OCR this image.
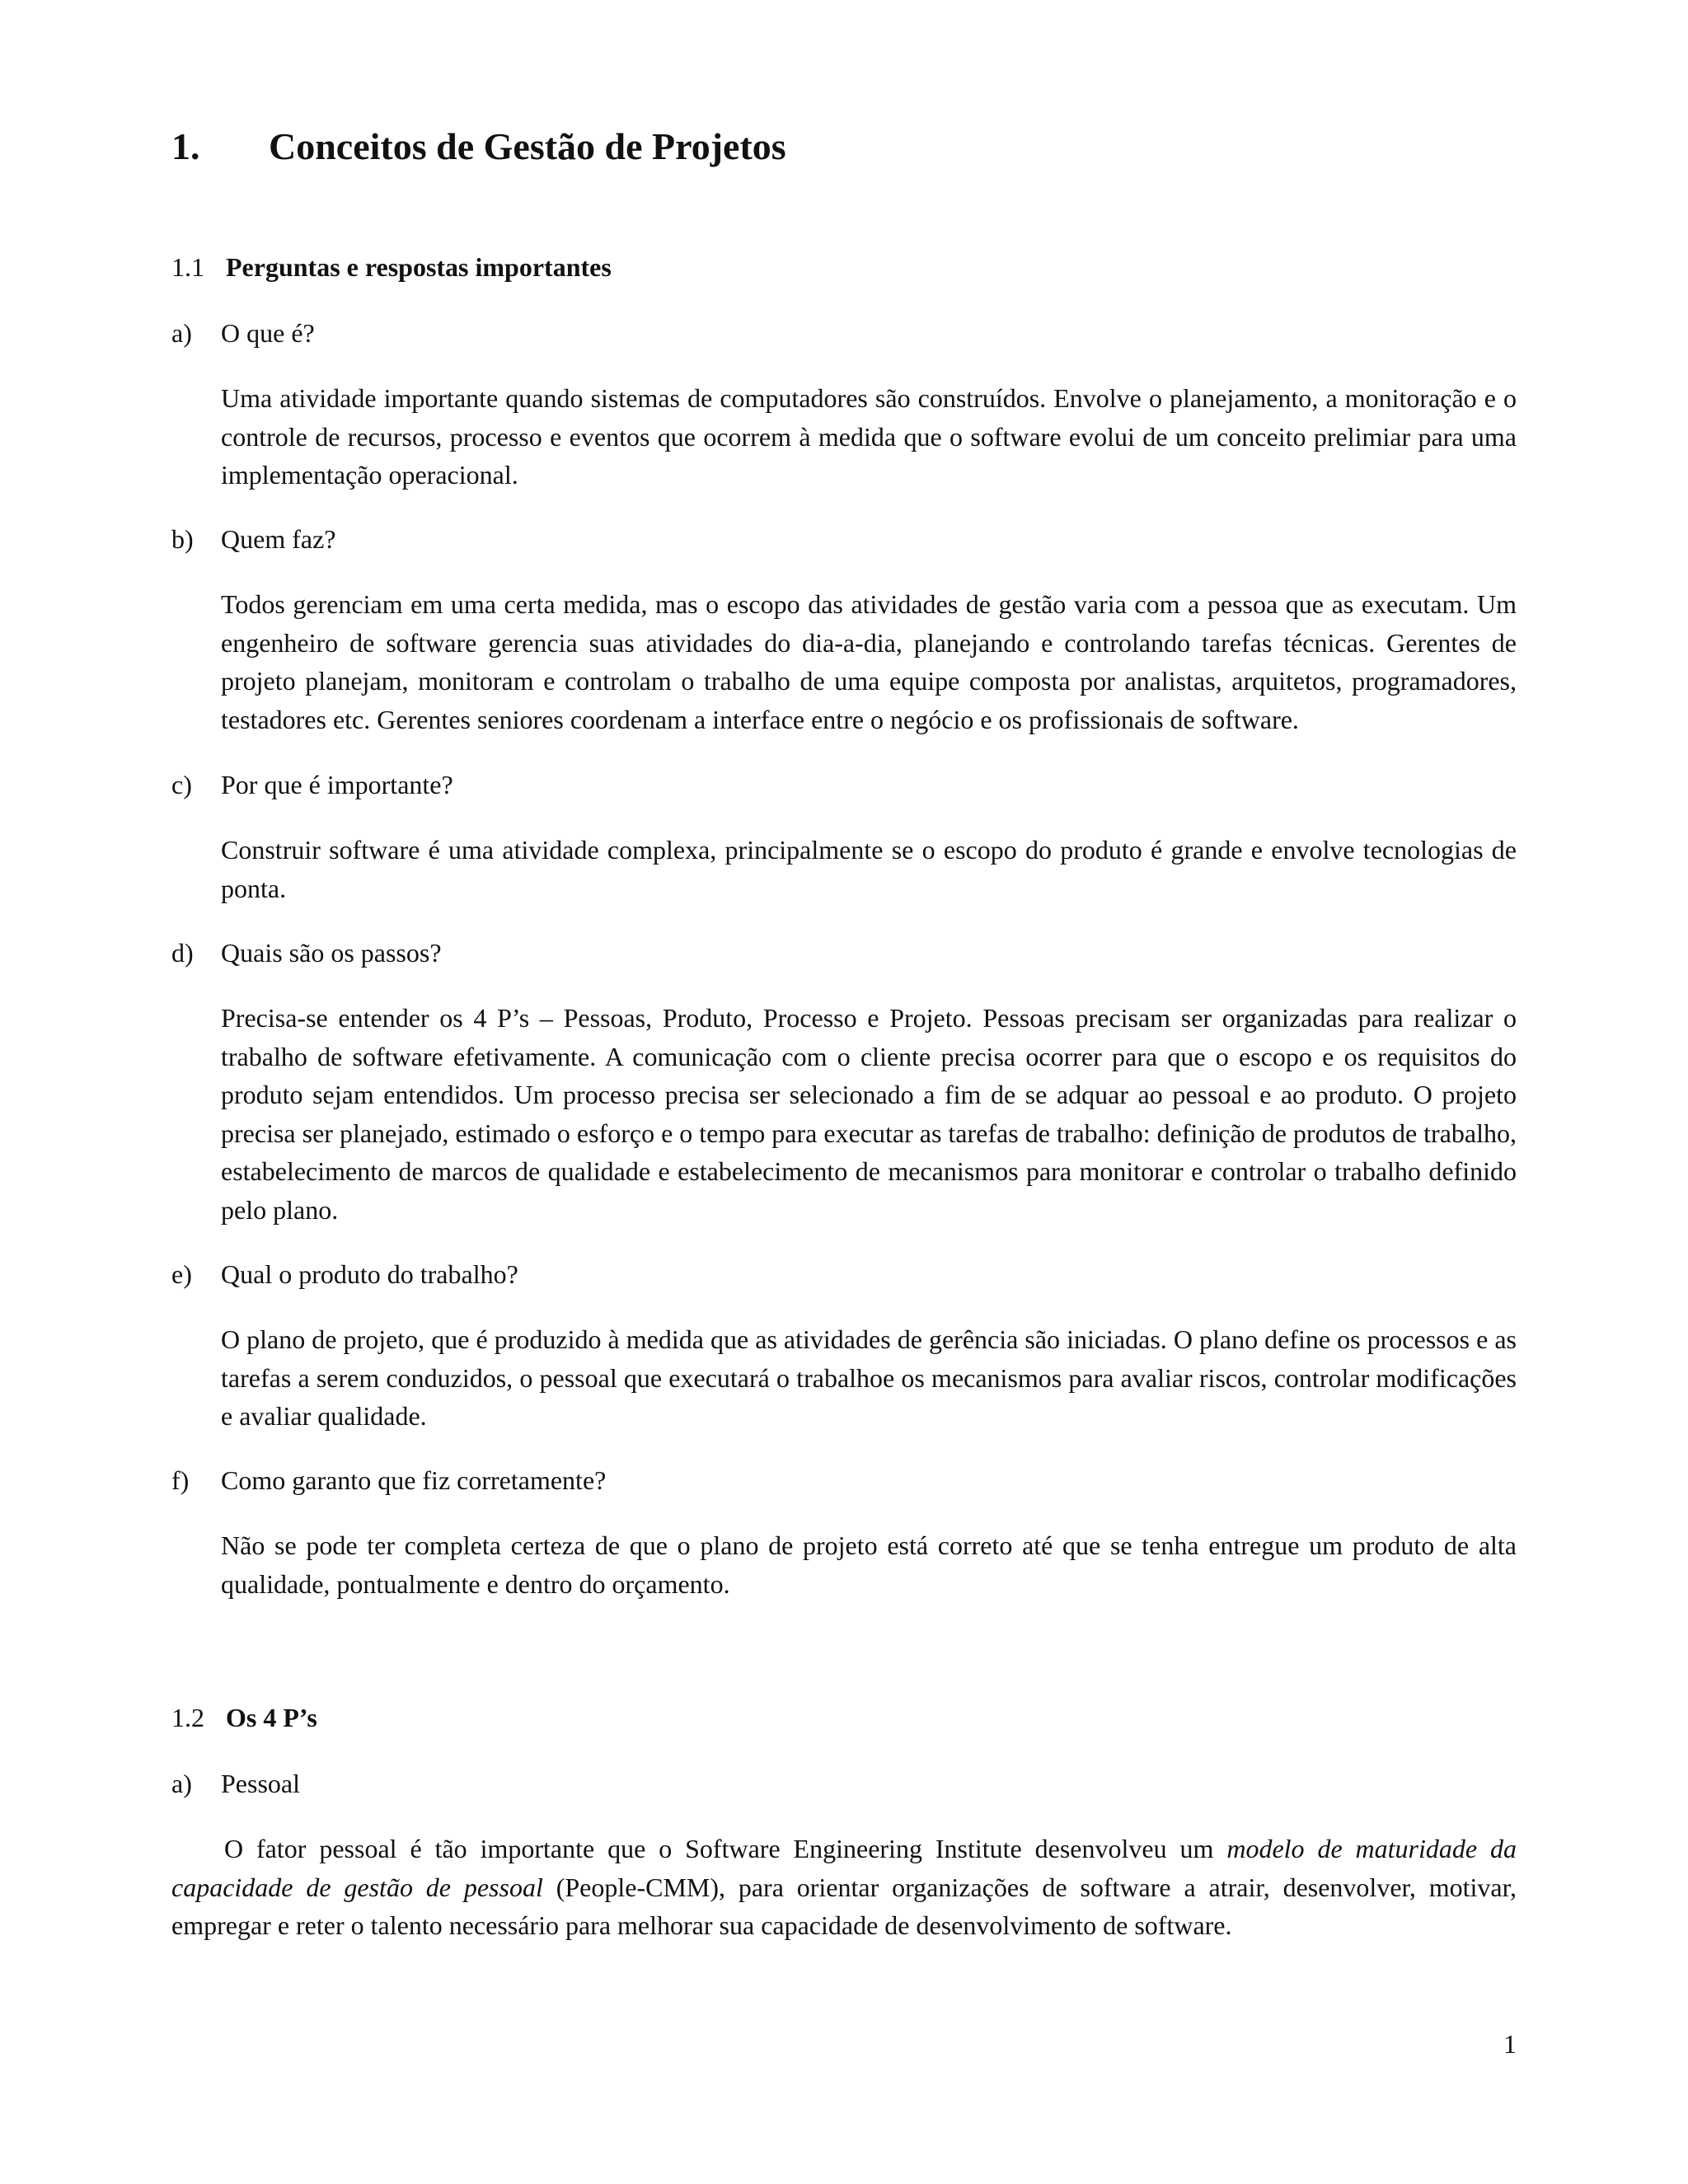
1. Conceitos de Gestão de Projetos
1.1 Perguntas e respostas importantes
a) O que é?

Uma atividade importante quando sistemas de computadores são construídos. Envolve o planejamento, a monitoração e o controle de recursos, processo e eventos que ocorrem à medida que o software evolui de um conceito prelimiar para uma implementação operacional.

b) Quem faz?

Todos gerenciam em uma certa medida, mas o escopo das atividades de gestão varia com a pessoa que as executam. Um engenheiro de software gerencia suas atividades do dia-a-dia, planejando e controlando tarefas técnicas. Gerentes de projeto planejam, monitoram e controlam o trabalho de uma equipe composta por analistas, arquitetos, programadores, testadores etc. Gerentes seniores coordenam a interface entre o negócio e os profissionais de software.

c) Por que é importante?

Construir software é uma atividade complexa, principalmente se o escopo do produto é grande e envolve tecnologias de ponta.

d) Quais são os passos?

Precisa-se entender os 4 P’s – Pessoas, Produto, Processo e Projeto. Pessoas precisam ser organizadas para realizar o trabalho de software efetivamente. A comunicação com o cliente precisa ocorrer para que o escopo e os requisitos do produto sejam entendidos. Um processo precisa ser selecionado a fim de se adquar ao pessoal e ao produto. O projeto precisa ser planejado, estimado o esforço e o tempo para executar as tarefas de trabalho: definição de produtos de trabalho, estabelecimento de marcos de qualidade e estabelecimento de mecanismos para monitorar e controlar o trabalho definido pelo plano.

e) Qual o produto do trabalho?

O plano de projeto, que é produzido à medida que as atividades de gerência são iniciadas. O plano define os processos e as tarefas a serem conduzidos, o pessoal que executará o trabalhoe os mecanismos para avaliar riscos, controlar modificações e avaliar qualidade.

f) Como garanto que fiz corretamente?

Não se pode ter completa certeza de que o plano de projeto está correto até que se tenha entregue um produto de alta qualidade, pontualmente e dentro do orçamento.

1.2 Os 4 P’s
a) Pessoal

O fator pessoal é tão importante que o Software Engineering Institute desenvolveu um modelo de maturidade da capacidade de gestão de pessoal (People-CMM), para orientar organizações de software a atrair, desenvolver, motivar, empregar e reter o talento necessário para melhorar sua capacidade de desenvolvimento de software.

1
